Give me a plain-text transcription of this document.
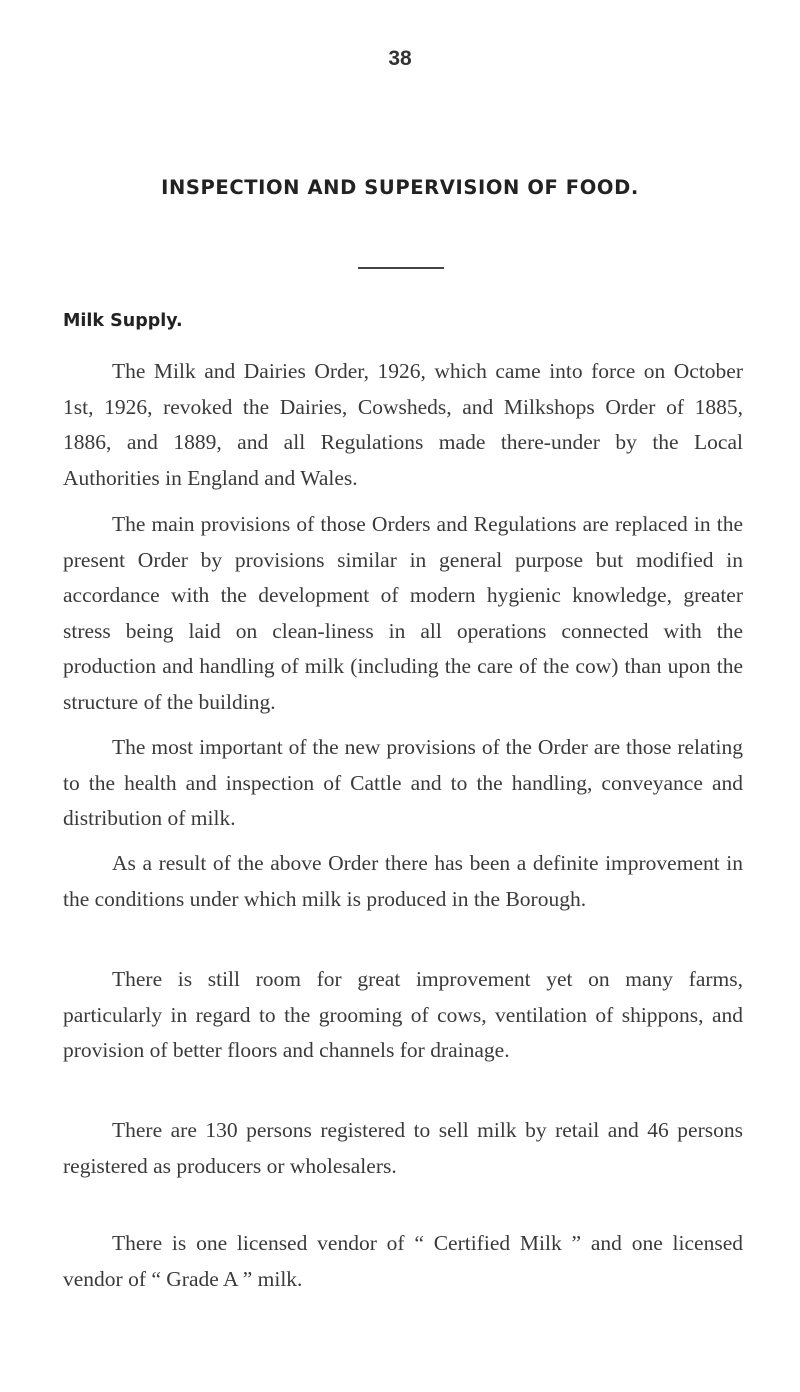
38
INSPECTION AND SUPERVISION OF FOOD.
Milk Supply.

The Milk and Dairies Order, 1926, which came into force on October 1st, 1926, revoked the Dairies, Cowsheds, and Milkshops Order of 1885, 1886, and 1889, and all Regulations made there-under by the Local Authorities in England and Wales.

The main provisions of those Orders and Regulations are replaced in the present Order by provisions similar in general purpose but modified in accordance with the development of modern hygienic knowledge, greater stress being laid on clean-liness in all operations connected with the production and handling of milk (including the care of the cow) than upon the structure of the building.

The most important of the new provisions of the Order are those relating to the health and inspection of Cattle and to the handling, conveyance and distribution of milk.

As a result of the above Order there has been a definite improvement in the conditions under which milk is produced in the Borough.

There is still room for great improvement yet on many farms, particularly in regard to the grooming of cows, ventilation of shippons, and provision of better floors and channels for drainage.

There are 130 persons registered to sell milk by retail and 46 persons registered as producers or wholesalers.

There is one licensed vendor of “ Certified Milk ” and one licensed vendor of “ Grade A ” milk.
